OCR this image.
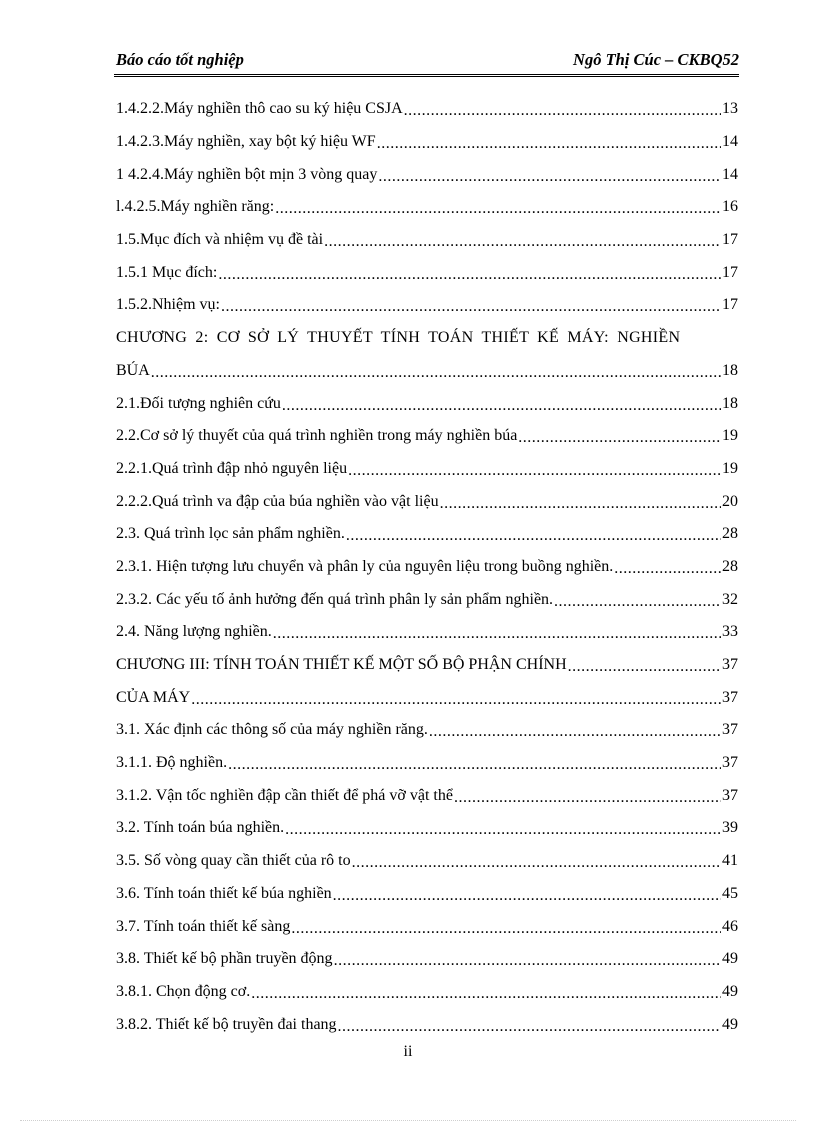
Báo cáo tốt nghiệp	Ngô Thị Cúc – CKBQ52
1.4.2.2.Máy nghiền thô cao su ký hiệu CSJA .....	13
1.4.2.3.Máy nghiền, xay bột ký hiệu WF .....	14
1 4.2.4.Máy nghiền bột mịn 3 vòng quay .....	14
l.4.2.5.Máy nghiền răng: .....	16
1.5.Mục đích và nhiệm vụ đề tài .....	17
1.5.1 Mục đích: .....	17
1.5.2.Nhiệm vụ: .....	17
CHƯƠNG 2: CƠ SỞ LÝ THUYẾT TÍNH TOÁN THIẾT KẾ MÁY: NGHIỀN
BÚA .....	18
2.1.Đối tượng nghiên cứu .....	18
2.2.Cơ sở lý thuyết của quá trình nghiền trong máy nghiền búa .....	19
2.2.1.Quá trình đập nhỏ nguyên liệu .....	19
2.2.2.Quá trình va đập của búa nghiền vào vật liệu .....	20
2.3. Quá trình lọc sản phẩm nghiền. .....	28
2.3.1. Hiện tượng lưu chuyển và phân ly của nguyên liệu trong buồng nghiền. .....	28
2.3.2. Các yếu tố ảnh hưởng đến quá trình phân ly sản phẩm nghiền. .....	32
2.4. Năng lượng nghiền. .....	33
CHƯƠNG III: TÍNH TOÁN THIẾT KẾ MỘT SỐ BỘ PHẬN CHÍNH .....	37
CỦA MÁY .....	37
3.1. Xác định các thông số của máy nghiền răng. .....	37
3.1.1. Độ nghiền. .....	37
3.1.2. Vận tốc nghiền đập cần thiết để phá vỡ vật thể .....	37
3.2. Tính toán búa nghiền. .....	39
3.5. Số vòng quay cần thiết của rô to .....	41
3.6. Tính toán thiết kế búa nghiền .....	45
3.7. Tính toán thiết kế sàng .....	46
3.8. Thiết kế bộ phần truyền động .....	49
3.8.1. Chọn động cơ. .....	49
3.8.2. Thiết kế bộ truyền đai thang .....	49
ii
